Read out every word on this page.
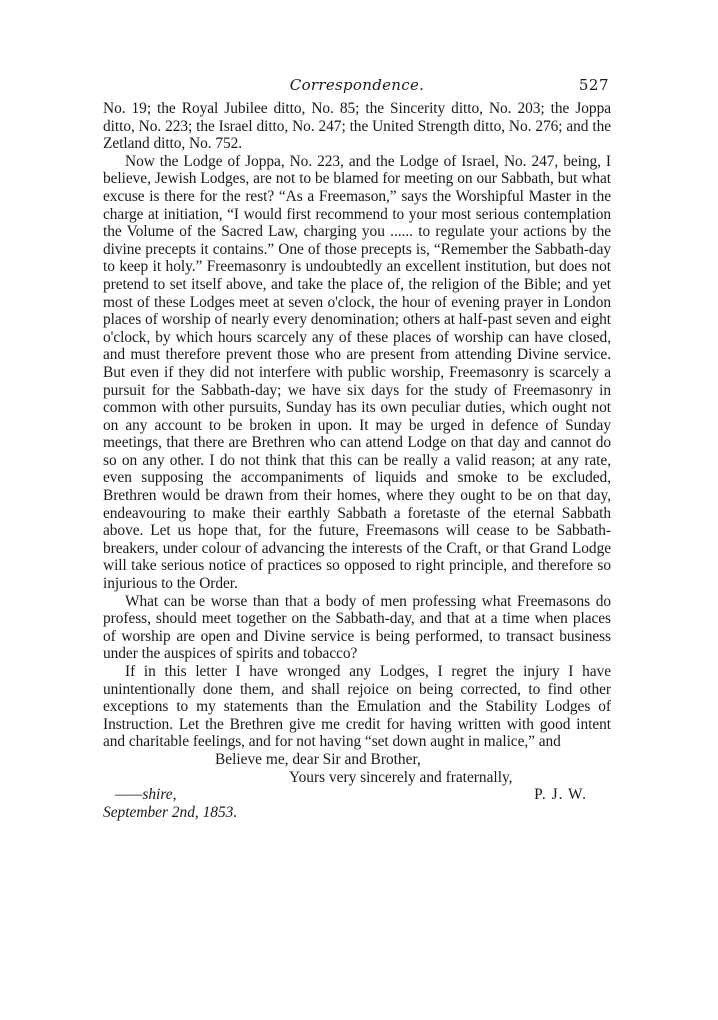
Correspondence.	527

No. 19; the Royal Jubilee ditto, No. 85; the Sincerity ditto, No. 203; the Joppa ditto, No. 223; the Israel ditto, No. 247; the United Strength ditto, No. 276; and the Zetland ditto, No. 752.

Now the Lodge of Joppa, No. 223, and the Lodge of Israel, No. 247, being, I believe, Jewish Lodges, are not to be blamed for meeting on our Sabbath, but what excuse is there for the rest? “As a Freemason,” says the Worshipful Master in the charge at initiation, “I would first recommend to your most serious contemplation the Volume of the Sacred Law, charging you ...... to regulate your actions by the divine precepts it contains.” One of those precepts is, “Remember the Sabbath-day to keep it holy.” Freemasonry is undoubtedly an excellent institution, but does not pretend to set itself above, and take the place of, the religion of the Bible; and yet most of these Lodges meet at seven o'clock, the hour of evening prayer in London places of worship of nearly every denomination; others at half-past seven and eight o'clock, by which hours scarcely any of these places of worship can have closed, and must therefore prevent those who are present from attending Divine service. But even if they did not interfere with public worship, Freemasonry is scarcely a pursuit for the Sabbath-day; we have six days for the study of Freemasonry in common with other pursuits, Sunday has its own peculiar duties, which ought not on any account to be broken in upon. It may be urged in defence of Sunday meetings, that there are Brethren who can attend Lodge on that day and cannot do so on any other. I do not think that this can be really a valid reason; at any rate, even supposing the accompaniments of liquids and smoke to be excluded, Brethren would be drawn from their homes, where they ought to be on that day, endeavouring to make their earthly Sabbath a foretaste of the eternal Sabbath above. Let us hope that, for the future, Freemasons will cease to be Sabbath-breakers, under colour of advancing the interests of the Craft, or that Grand Lodge will take serious notice of practices so opposed to right principle, and therefore so injurious to the Order.

What can be worse than that a body of men professing what Freemasons do profess, should meet together on the Sabbath-day, and that at a time when places of worship are open and Divine service is being performed, to transact business under the auspices of spirits and tobacco?

If in this letter I have wronged any Lodges, I regret the injury I have unintentionally done them, and shall rejoice on being corrected, to find other exceptions to my statements than the Emulation and the Stability Lodges of Instruction. Let the Brethren give me credit for having written with good intent and charitable feelings, and for not having “set down aught in malice,” and

Believe me, dear Sir and Brother,

Yours very sincerely and fraternally,

——shire,	P. J. W.
September 2nd, 1853.
